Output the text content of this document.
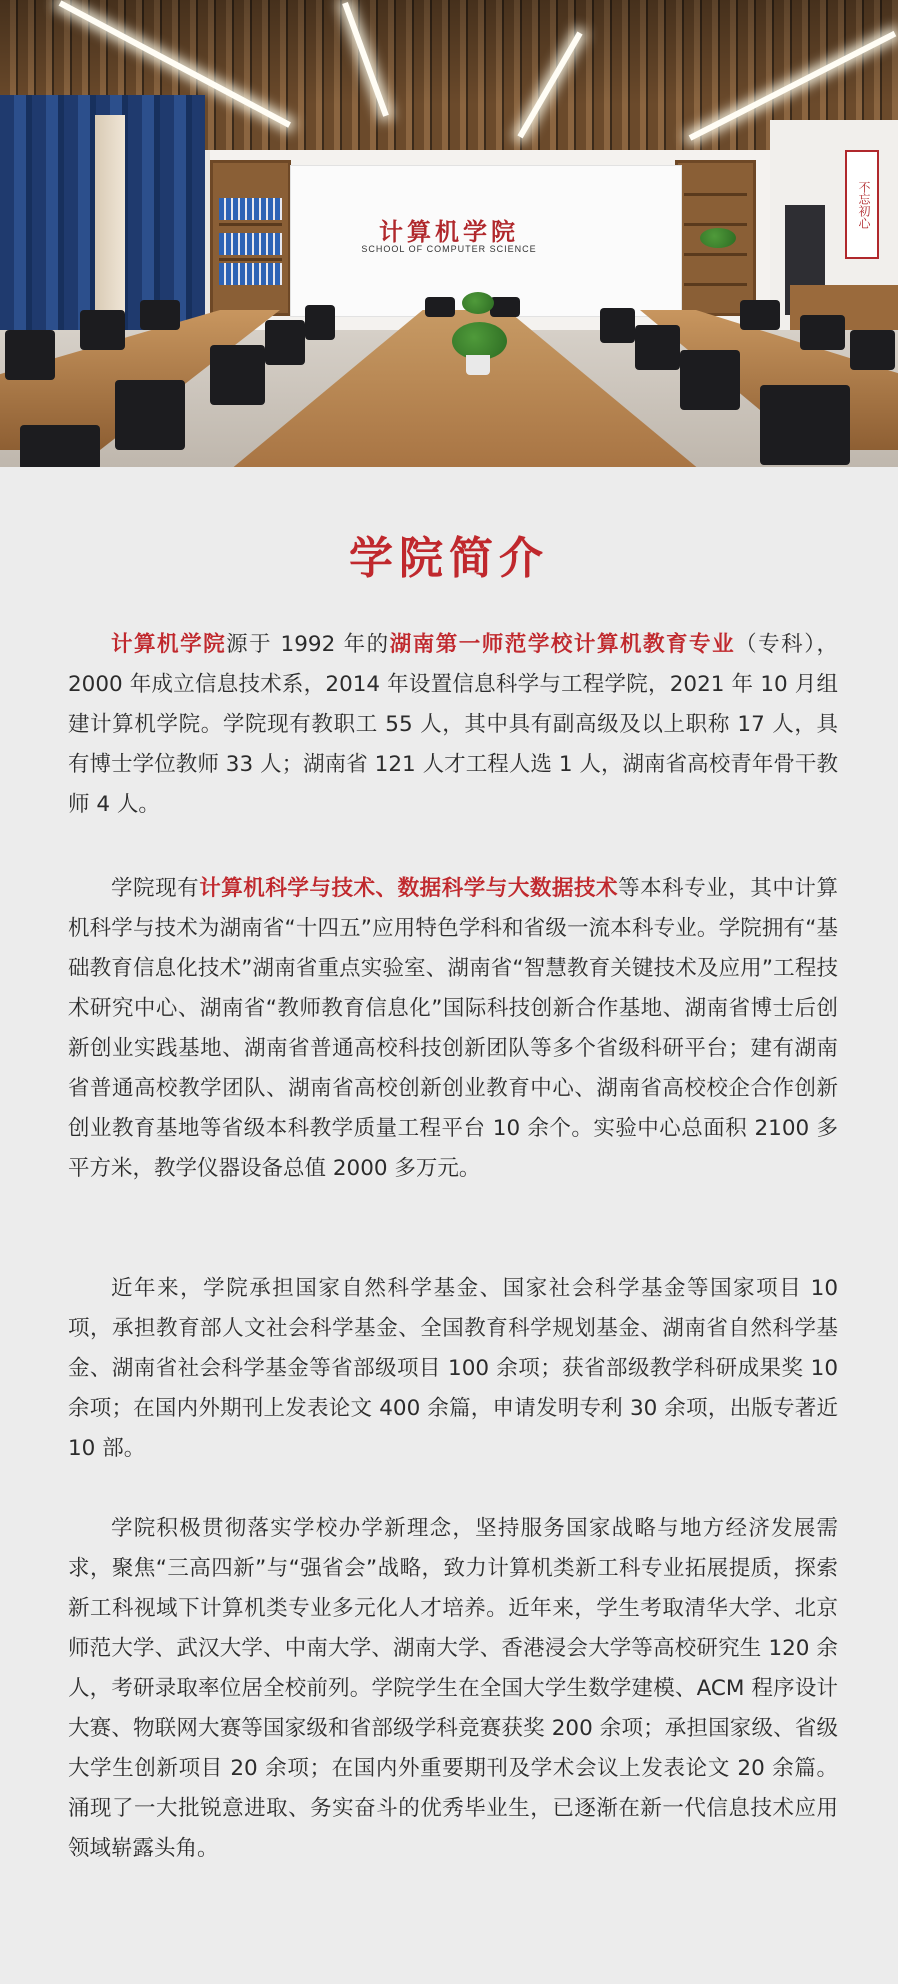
计算机学院
SCHOOL OF COMPUTER SCIENCE
不忘初心
学院简介

计算机学院源于 1992 年的湖南第一师范学校计算机教育专业（专科），2000 年成立信息技术系，2014 年设置信息科学与工程学院，2021 年 10 月组建计算机学院。学院现有教职工 55 人，其中具有副高级及以上职称 17 人，具有博士学位教师 33 人；湖南省 121 人才工程人选 1 人，湖南省高校青年骨干教师 4 人。

学院现有计算机科学与技术、数据科学与大数据技术等本科专业，其中计算机科学与技术为湖南省“十四五”应用特色学科和省级一流本科专业。学院拥有“基础教育信息化技术”湖南省重点实验室、湖南省“智慧教育关键技术及应用”工程技术研究中心、湖南省“教师教育信息化”国际科技创新合作基地、湖南省博士后创新创业实践基地、湖南省普通高校科技创新团队等多个省级科研平台；建有湖南省普通高校教学团队、湖南省高校创新创业教育中心、湖南省高校校企合作创新创业教育基地等省级本科教学质量工程平台 10 余个。实验中心总面积 2100 多平方米，教学仪器设备总值 2000 多万元。

近年来，学院承担国家自然科学基金、国家社会科学基金等国家项目 10 项，承担教育部人文社会科学基金、全国教育科学规划基金、湖南省自然科学基金、湖南省社会科学基金等省部级项目 100 余项；获省部级教学科研成果奖 10 余项；在国内外期刊上发表论文 400 余篇，申请发明专利 30 余项，出版专著近 10 部。

学院积极贯彻落实学校办学新理念，坚持服务国家战略与地方经济发展需求，聚焦“三高四新”与“强省会”战略，致力计算机类新工科专业拓展提质，探索新工科视域下计算机类专业多元化人才培养。近年来，学生考取清华大学、北京师范大学、武汉大学、中南大学、湖南大学、香港浸会大学等高校研究生 120 余人，考研录取率位居全校前列。学院学生在全国大学生数学建模、ACM 程序设计大赛、物联网大赛等国家级和省部级学科竞赛获奖 200 余项；承担国家级、省级大学生创新项目 20 余项；在国内外重要期刊及学术会议上发表论文 20 余篇。涌现了一大批锐意进取、务实奋斗的优秀毕业生，已逐渐在新一代信息技术应用领域崭露头角。
